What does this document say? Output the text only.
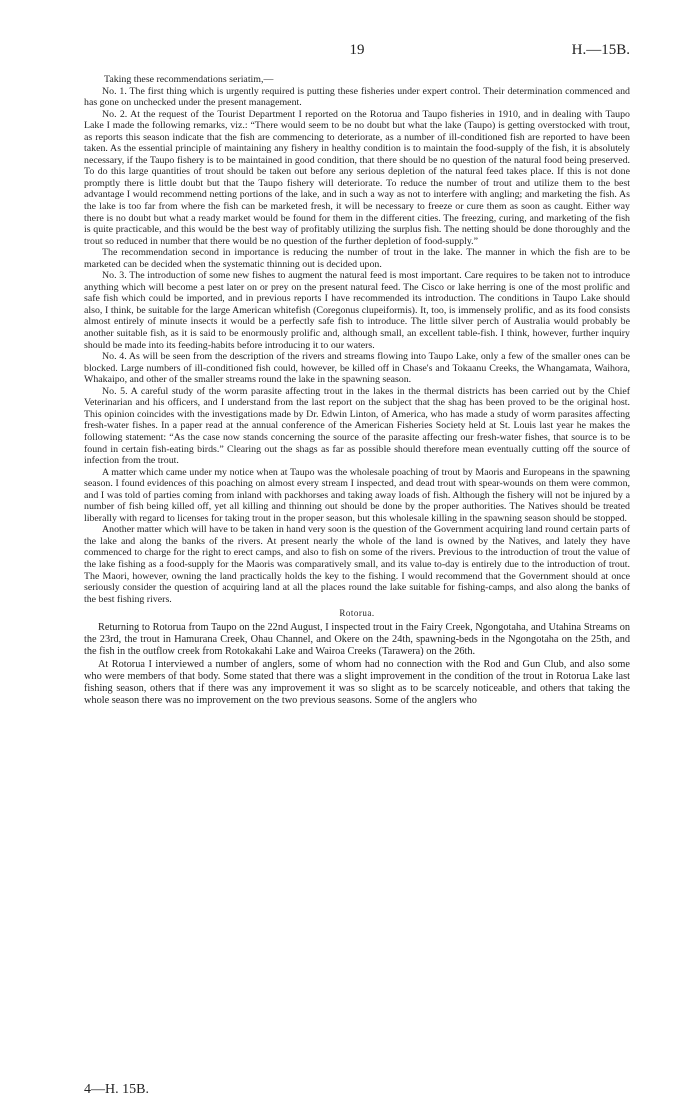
19	H.—15B.

Taking these recommendations seriatim,—

No. 1. The first thing which is urgently required is putting these fisheries under expert control. Their determination commenced and has gone on unchecked under the present management.

No. 2. At the request of the Tourist Department I reported on the Rotorua and Taupo fisheries in 1910, and in dealing with Taupo Lake I made the following remarks, viz.: “There would seem to be no doubt but what the lake (Taupo) is getting overstocked with trout, as reports this season indicate that the fish are commencing to deteriorate, as a number of ill-conditioned fish are reported to have been taken. As the essential principle of maintaining any fishery in healthy condition is to maintain the food-supply of the fish, it is absolutely necessary, if the Taupo fishery is to be maintained in good condition, that there should be no question of the natural food being preserved. To do this large quantities of trout should be taken out before any serious depletion of the natural feed takes place. If this is not done promptly there is little doubt but that the Taupo fishery will deteriorate. To reduce the number of trout and utilize them to the best advantage I would recommend netting portions of the lake, and in such a way as not to interfere with angling; and marketing the fish. As the lake is too far from where the fish can be marketed fresh, it will be necessary to freeze or cure them as soon as caught. Either way there is no doubt but what a ready market would be found for them in the different cities. The freezing, curing, and marketing of the fish is quite practicable, and this would be the best way of profitably utilizing the surplus fish. The netting should be done thoroughly and the trout so reduced in number that there would be no question of the further depletion of food-supply.”

The recommendation second in importance is reducing the number of trout in the lake. The manner in which the fish are to be marketed can be decided when the systematic thinning out is decided upon.

No. 3. The introduction of some new fishes to augment the natural feed is most important. Care requires to be taken not to introduce anything which will become a pest later on or prey on the present natural feed. The Cisco or lake herring is one of the most prolific and safe fish which could be imported, and in previous reports I have recommended its introduction. The conditions in Taupo Lake should also, I think, be suitable for the large American whitefish (Coregonus clupeiformis). It, too, is immensely prolific, and as its food consists almost entirely of minute insects it would be a perfectly safe fish to introduce. The little silver perch of Australia would probably be another suitable fish, as it is said to be enormously prolific and, although small, an excellent table-fish. I think, however, further inquiry should be made into its feeding-habits before introducing it to our waters.

No. 4. As will be seen from the description of the rivers and streams flowing into Taupo Lake, only a few of the smaller ones can be blocked. Large numbers of ill-conditioned fish could, however, be killed off in Chase's and Tokaanu Creeks, the Whangamata, Waihora, Whakaipo, and other of the smaller streams round the lake in the spawning season.

No. 5. A careful study of the worm parasite affecting trout in the lakes in the thermal districts has been carried out by the Chief Veterinarian and his officers, and I understand from the last report on the subject that the shag has been proved to be the original host. This opinion coincides with the investigations made by Dr. Edwin Linton, of America, who has made a study of worm parasites affecting fresh-water fishes. In a paper read at the annual conference of the American Fisheries Society held at St. Louis last year he makes the following statement: “As the case now stands concerning the source of the parasite affecting our fresh-water fishes, that source is to be found in certain fish-eating birds.” Clearing out the shags as far as possible should therefore mean eventually cutting off the source of infection from the trout.

A matter which came under my notice when at Taupo was the wholesale poaching of trout by Maoris and Europeans in the spawning season. I found evidences of this poaching on almost every stream I inspected, and dead trout with spear-wounds on them were common, and I was told of parties coming from inland with packhorses and taking away loads of fish. Although the fishery will not be injured by a number of fish being killed off, yet all killing and thinning out should be done by the proper authorities. The Natives should be treated liberally with regard to licenses for taking trout in the proper season, but this wholesale killing in the spawning season should be stopped.

Another matter which will have to be taken in hand very soon is the question of the Government acquiring land round certain parts of the lake and along the banks of the rivers. At present nearly the whole of the land is owned by the Natives, and lately they have commenced to charge for the right to erect camps, and also to fish on some of the rivers. Previous to the introduction of trout the value of the lake fishing as a food-supply for the Maoris was comparatively small, and its value to-day is entirely due to the introduction of trout. The Maori, however, owning the land practically holds the key to the fishing. I would recommend that the Government should at once seriously consider the question of acquiring land at all the places round the lake suitable for fishing-camps, and also along the banks of the best fishing rivers.

Rotorua.

Returning to Rotorua from Taupo on the 22nd August, I inspected trout in the Fairy Creek, Ngongotaha, and Utahina Streams on the 23rd, the trout in Hamurana Creek, Ohau Channel, and Okere on the 24th, spawning-beds in the Ngongotaha on the 25th, and the fish in the outflow creek from Rotokakahi Lake and Wairoa Creeks (Tarawera) on the 26th.

At Rotorua I interviewed a number of anglers, some of whom had no connection with the Rod and Gun Club, and also some who were members of that body. Some stated that there was a slight improvement in the condition of the trout in Rotorua Lake last fishing season, others that if there was any improvement it was so slight as to be scarcely noticeable, and others that taking the whole season there was no improvement on the two previous seasons. Some of the anglers who

4—H. 15B.
